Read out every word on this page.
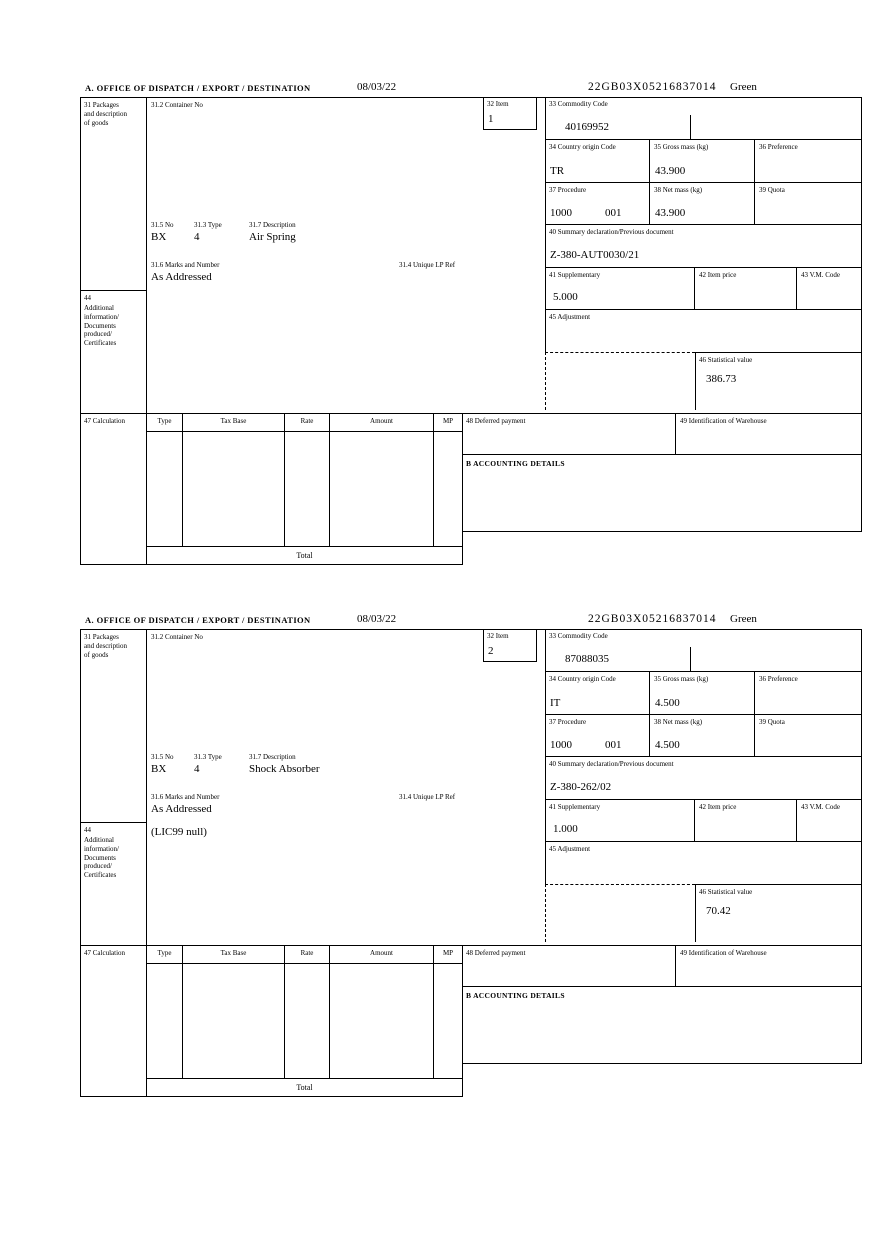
A. OFFICE OF DISPATCH / EXPORT / DESTINATION	08/03/22	22GB03X05216837014 Green
31 Packages and description of goods
44
Additional information/ Documents produced/ Certificates
47 Calculation
31.2 Container No	32 Item
1
31.5 No	31.3 Type	31.7 Description
BX	4	Air Spring
31.6 Marks and Number	31.4 Unique LP Ref
As Addressed
33 Commodity Code
40169952
34 Country origin Code
TR
35 Gross mass (kg)
43.900
36 Preference
37 Procedure
1000	001
38 Net mass (kg)
43.900
39 Quota
40 Summary declaration/Previous document
Z-380-AUT0030/21
41 Supplementary
5.000
42 Item price	43 V.M. Code
45 Adjustment
46 Statistical value
386.73
Type	Tax Base	Rate	Amount	MP
Total
48 Deferred payment	49 Identification of Warehouse
B ACCOUNTING DETAILS
A. OFFICE OF DISPATCH / EXPORT / DESTINATION	08/03/22	22GB03X05216837014 Green
31 Packages and description of goods
44
Additional information/ Documents produced/ Certificates
47 Calculation
31.2 Container No	32 Item
2
31.5 No	31.3 Type	31.7 Description
BX	4	Shock Absorber
31.6 Marks and Number	31.4 Unique LP Ref
As Addressed
(LIC99 null)
33 Commodity Code
87088035
34 Country origin Code
IT
35 Gross mass (kg)
4.500
36 Preference
37 Procedure
1000	001
38 Net mass (kg)
4.500
39 Quota
40 Summary declaration/Previous document
Z-380-262/02
41 Supplementary
1.000
42 Item price	43 V.M. Code
45 Adjustment
46 Statistical value
70.42
Type	Tax Base	Rate	Amount	MP
Total
48 Deferred payment	49 Identification of Warehouse
B ACCOUNTING DETAILS
